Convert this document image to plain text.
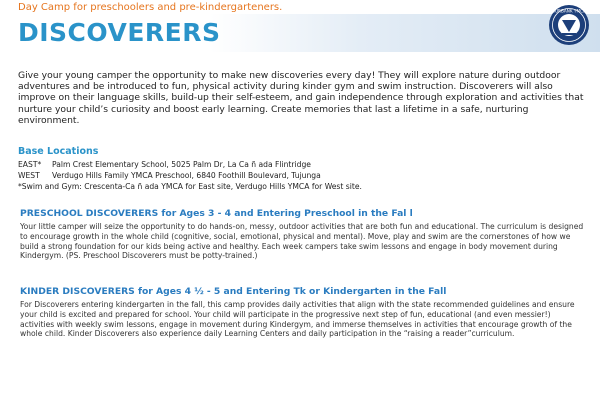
Day Camp for preschoolers and pre-kindergarteners.
DISCOVERERS
BURBANK YMCA
Give your young camper the opportunity to make new discoveries every day! They will explore nature during outdoor adventures and be introduced to fun, physical activity during kinder gym and swim instruction. Discoverers will also improve on their language skills, build-up their self-esteem, and gain independence through exploration and activities that nurture your child’s curiosity and boost early learning. Create memories that last a lifetime in a safe, nurturing environment.
Base Locations
EAST* Palm Crest Elementary School, 5025 Palm Dr, La Ca ñ ada Flintridge
WEST Verdugo Hills Family YMCA Preschool, 6840 Foothill Boulevard, Tujunga
*Swim and Gym: Crescenta-Ca ñ ada YMCA for East site, Verdugo Hills YMCA for West site.
PRESCHOOL DISCOVERERS for Ages 3 - 4 and Entering Preschool in the Fal l
Your little camper will seize the opportunity to do hands-on, messy, outdoor activities that are both fun and educational. The curriculum is designed to encourage growth in the whole child (cognitive, social, emotional, physical and mental). Move, play and swim are the cornerstones of how we build a strong foundation for our kids being active and healthy. Each week campers take swim lessons and engage in body movement during Kindergym. (PS. Preschool Discoverers must be potty-trained.)
KINDER DISCOVERERS for Ages 4 ½ - 5 and Entering Tk or Kindergarten in the Fall
For Discoverers entering kindergarten in the fall, this camp provides daily activities that align with the state recommended guidelines and ensure your child is excited and prepared for school. Your child will participate in the progressive next step of fun, educational (and even messier!) activities with weekly swim lessons, engage in movement during Kindergym, and immerse themselves in activities that encourage growth of the whole child. Kinder Discoverers also experience daily Learning Centers and daily participation in the “raising a reader”curriculum.
